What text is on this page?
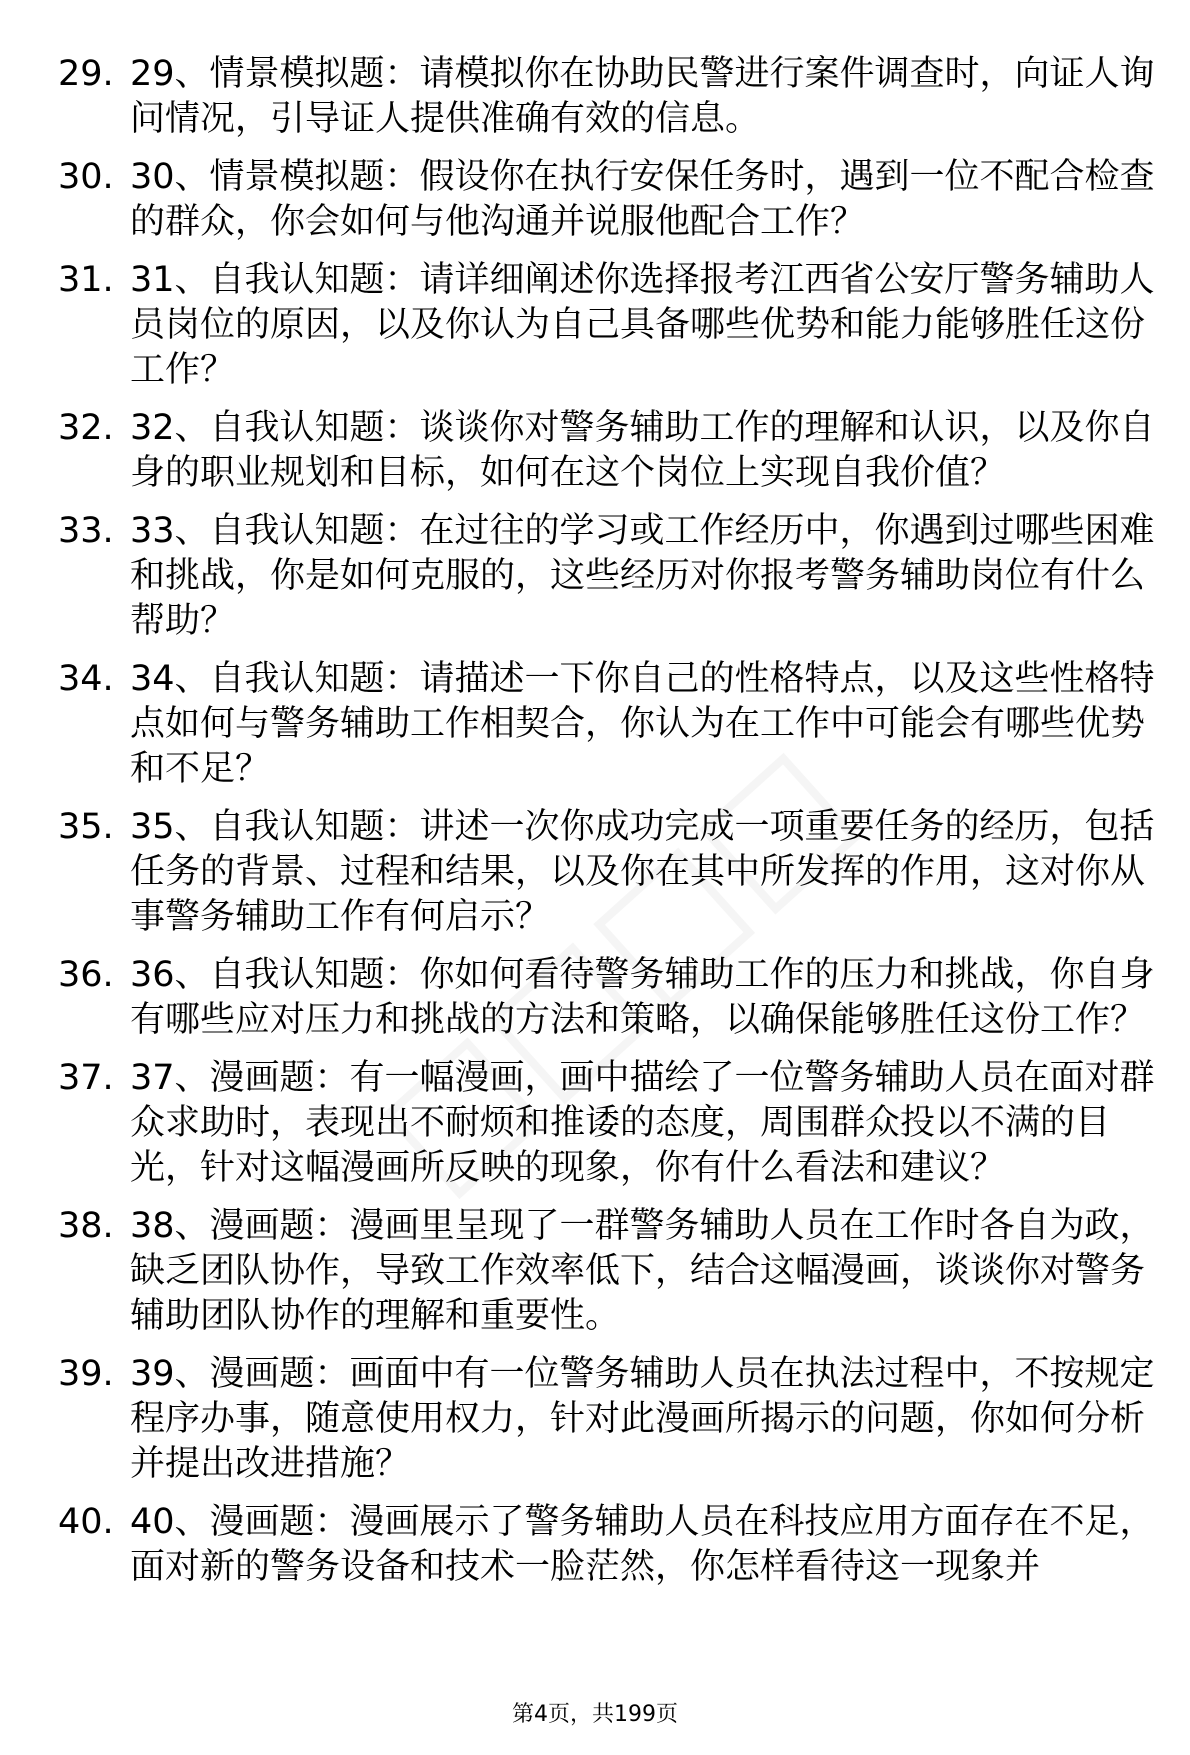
29. 29、情景模拟题：请模拟你在协助民警进行案件调查时，向证人询问情况，引导证人提供准确有效的信息。
30. 30、情景模拟题：假设你在执行安保任务时，遇到一位不配合检查的群众，你会如何与他沟通并说服他配合工作？
31. 31、自我认知题：请详细阐述你选择报考江西省公安厅警务辅助人员岗位的原因，以及你认为自己具备哪些优势和能力能够胜任这份工作？
32. 32、自我认知题：谈谈你对警务辅助工作的理解和认识，以及你自身的职业规划和目标，如何在这个岗位上实现自我价值？
33. 33、自我认知题：在过往的学习或工作经历中，你遇到过哪些困难和挑战，你是如何克服的，这些经历对你报考警务辅助岗位有什么帮助？
34. 34、自我认知题：请描述一下你自己的性格特点，以及这些性格特点如何与警务辅助工作相契合，你认为在工作中可能会有哪些优势和不足？
35. 35、自我认知题：讲述一次你成功完成一项重要任务的经历，包括任务的背景、过程和结果，以及你在其中所发挥的作用，这对你从事警务辅助工作有何启示？
36. 36、自我认知题：你如何看待警务辅助工作的压力和挑战，你自身有哪些应对压力和挑战的方法和策略，以确保能够胜任这份工作？
37. 37、漫画题：有一幅漫画，画中描绘了一位警务辅助人员在面对群众求助时，表现出不耐烦和推诿的态度，周围群众投以不满的目光，针对这幅漫画所反映的现象，你有什么看法和建议？
38. 38、漫画题：漫画里呈现了一群警务辅助人员在工作时各自为政，缺乏团队协作，导致工作效率低下，结合这幅漫画，谈谈你对警务辅助团队协作的理解和重要性。
39. 39、漫画题：画面中有一位警务辅助人员在执法过程中，不按规定程序办事，随意使用权力，针对此漫画所揭示的问题，你如何分析并提出改进措施？
40. 40、漫画题：漫画展示了警务辅助人员在科技应用方面存在不足，面对新的警务设备和技术一脸茫然，你怎样看待这一现象并
第4页，共199页
